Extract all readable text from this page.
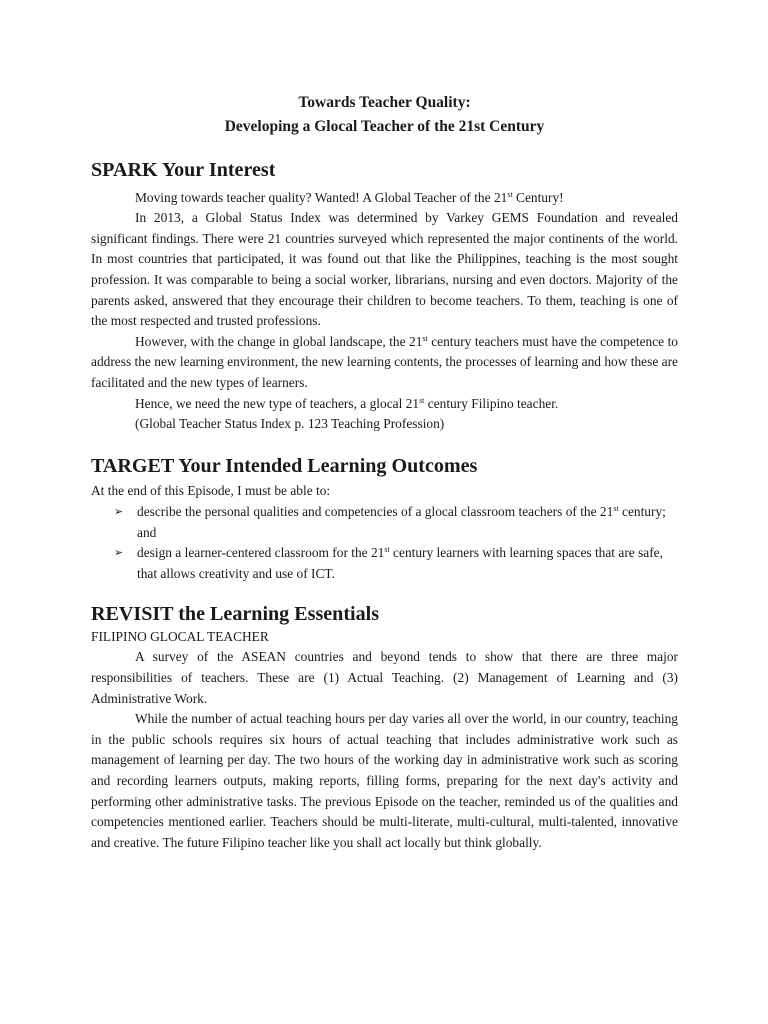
Towards Teacher Quality:
Developing a Glocal Teacher of the 21st Century
SPARK Your Interest

Moving towards teacher quality? Wanted! A Global Teacher of the 21st Century!

In 2013, a Global Status Index was determined by Varkey GEMS Foundation and revealed significant findings. There were 21 countries surveyed which represented the major continents of the world. In most countries that participated, it was found out that like the Philippines, teaching is the most sought profession. It was comparable to being a social worker, librarians, nursing and even doctors. Majority of the parents asked, answered that they encourage their children to become teachers. To them, teaching is one of the most respected and trusted professions.

However, with the change in global landscape, the 21st century teachers must have the competence to address the new learning environment, the new learning contents, the processes of learning and how these are facilitated and the new types of learners.

Hence, we need the new type of teachers, a glocal 21st century Filipino teacher.

(Global Teacher Status Index p. 123 Teaching Profession)

TARGET Your Intended Learning Outcomes

At the end of this Episode, I must be able to:

➢ describe the personal qualities and competencies of a glocal classroom teachers of the 21st century; and
➢ design a learner-centered classroom for the 21st century learners with learning spaces that are safe, that allows creativity and use of ICT.
REVISIT the Learning Essentials

FILIPINO GLOCAL TEACHER

A survey of the ASEAN countries and beyond tends to show that there are three major responsibilities of teachers. These are (1) Actual Teaching. (2) Management of Learning and (3) Administrative Work.

While the number of actual teaching hours per day varies all over the world, in our country, teaching in the public schools requires six hours of actual teaching that includes administrative work such as management of learning per day. The two hours of the working day in administrative work such as scoring and recording learners outputs, making reports, filling forms, preparing for the next day's activity and performing other administrative tasks. The previous Episode on the teacher, reminded us of the qualities and competencies mentioned earlier. Teachers should be multi-literate, multi-cultural, multi-talented, innovative and creative. The future Filipino teacher like you shall act locally but think globally.
